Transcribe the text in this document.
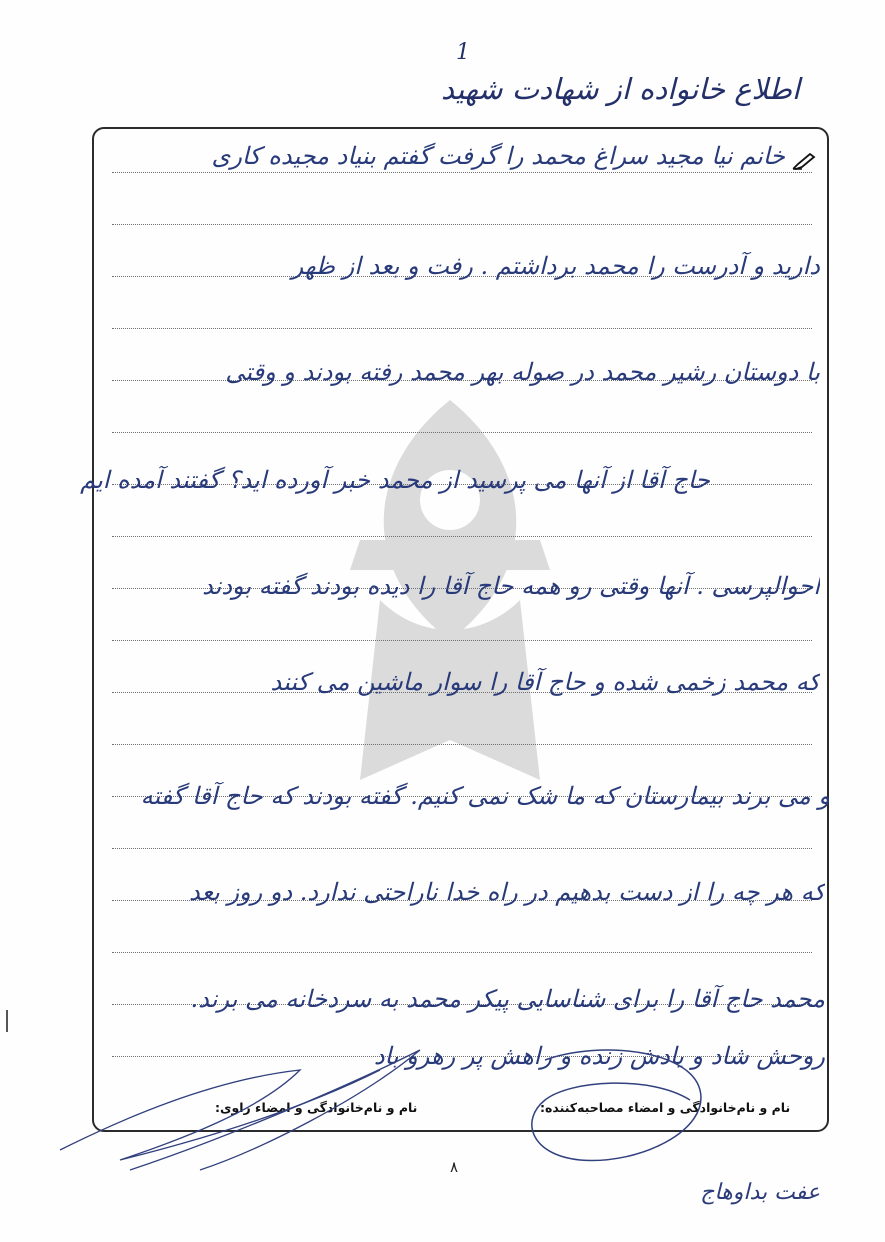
1
اطلاع خانواده از شهادت شهید
خانم نیا مجید سراغ محمد را گرفت گفتم بنیاد مجیده کاری
دارید و آدرست را محمد برداشتم . رفت و بعد از ظهر
با دوستان رشیر محمد در صوله بهر محمد رفته بودند و وقتی
حاج آقا از آنها می پرسید از محمد خبر آورده اید؟ گفتند آمده ایم
احوالپرسی . آنها وقتی رو همه حاج آقا را دیده بودند گفته بودند
که محمد زخمی شده و حاج آقا را سوار ماشین می کنند
و می برند بیمارستان که ما شک نمی کنیم. گفته بودند که حاج آقا گفته
که هر چه را از دست بدهیم در راه خدا ناراحتی ندارد. دو روز بعد
محمد حاج آقا را برای شناسایی پیکر محمد به سردخانه می برند.
روحش شاد و یادش زنده و راهش پر رهرو باد
نام و نام‌خانوادگی و امضاء مصاحبه‌کننده:
نام و نام‌خانوادگی و امضاء راوی:
۸
عفت بداوهاج
